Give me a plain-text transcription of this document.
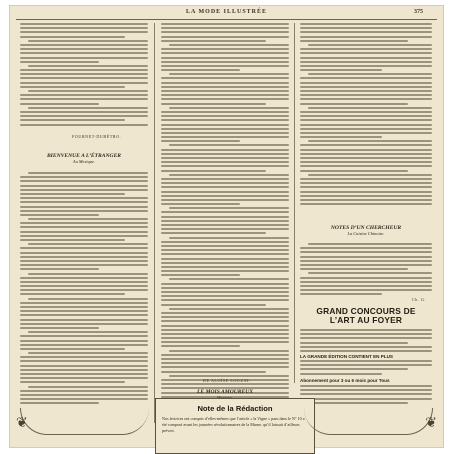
LA MODE ILLUSTRÉE	375
FOURNET-DUBÉTRO.
BIENVENUE A L’ÉTRANGER
Au Mexique.
DE ALOÏSE LOUZAT.
LE MOIS AMOUREUX
NOTES D’UN CHERCHEUR
La Cuisine Chinoise.
Ch. G.
GRAND CONCOURS DE
L’ART AU FOYER
LA GRANDE ÉDITION CONTIENT EN PLUS
Abonnement pour 3 ou 6 mois pour Tous
Note de la Rédaction
Nos lectrices ont compris d’elles-mêmes que l’article « la Vigne » paru dans le N° 10 a été composé avant les journées révolutionnaires de la Marne, qu’il laissait d’ailleurs prévoir.
❦	❦
